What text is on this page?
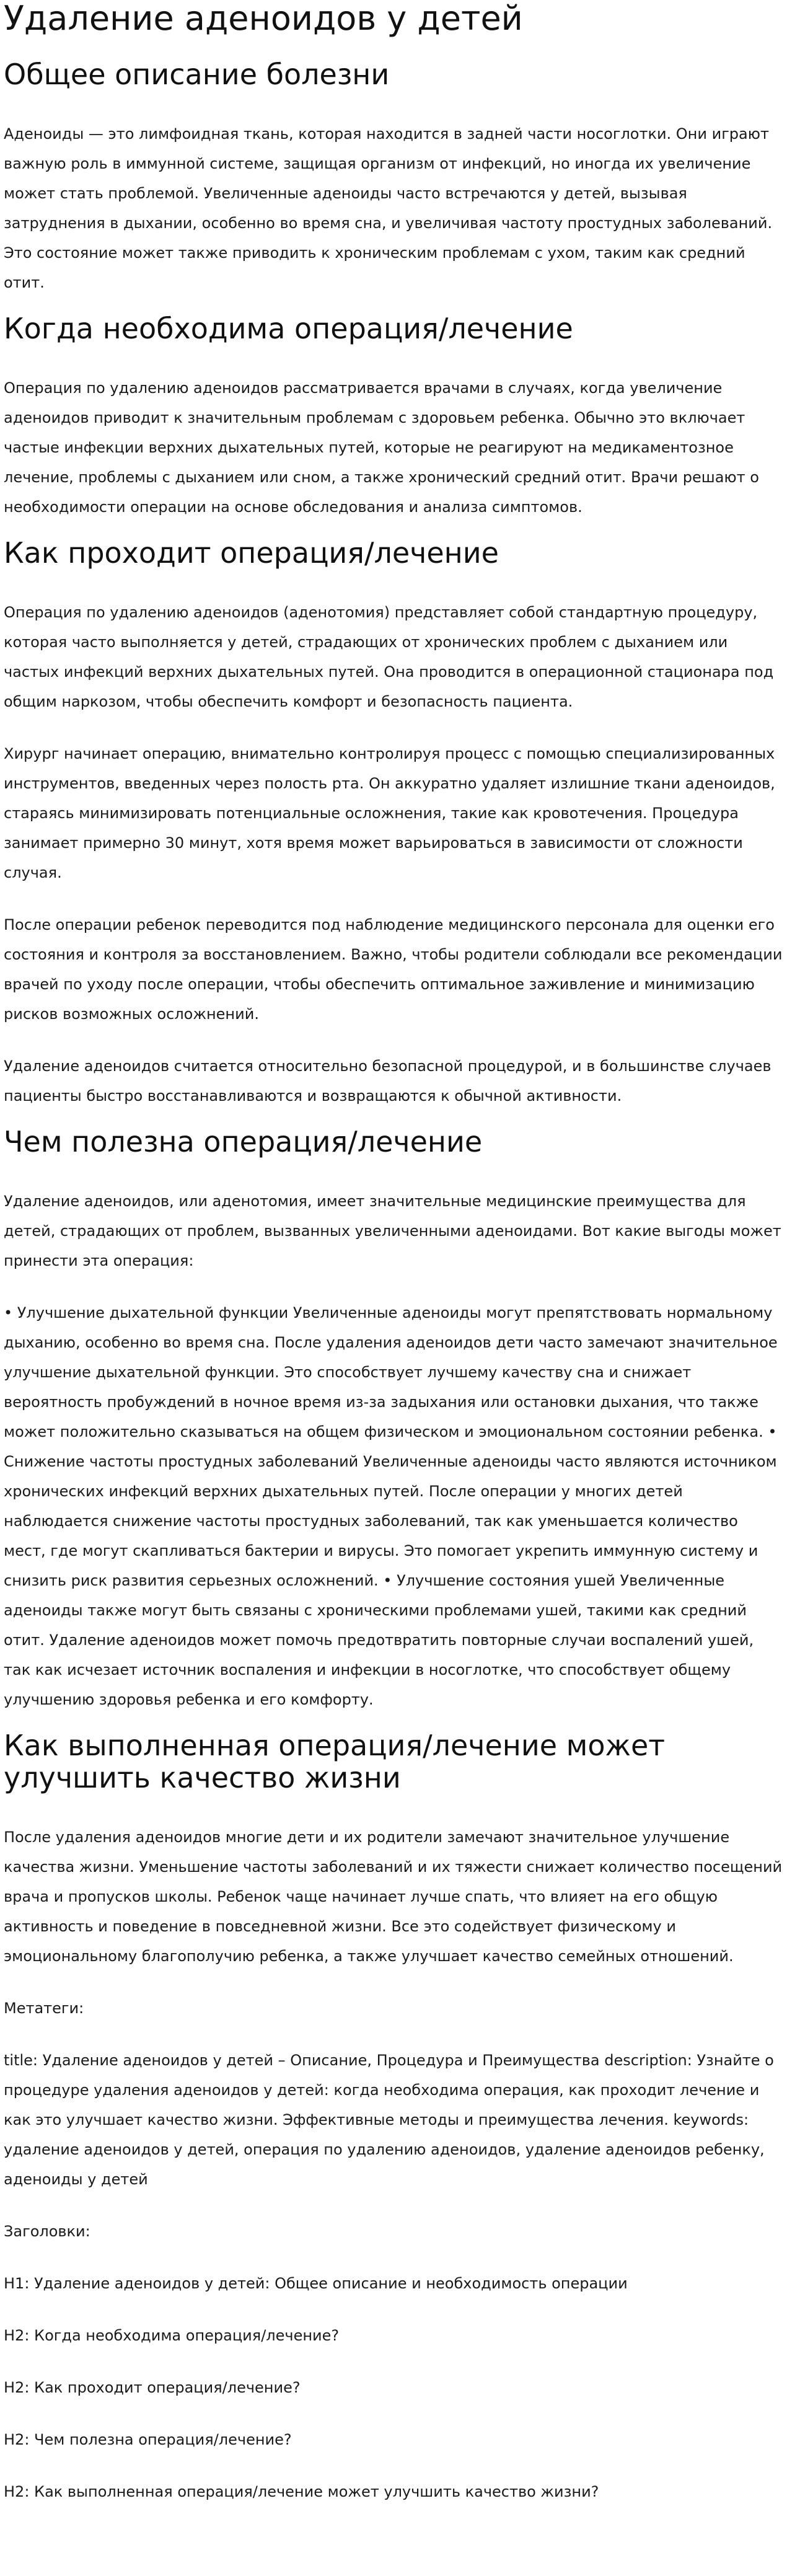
Удаление аденоидов у детей
Общее описание болезни

Аденоиды — это лимфоидная ткань, которая находится в задней части носоглотки. Они играют важную роль в иммунной системе, защищая организм от инфекций, но иногда их увеличение может стать проблемой. Увеличенные аденоиды часто встречаются у детей, вызывая затруднения в дыхании, особенно во время сна, и увеличивая частоту простудных заболеваний. Это состояние может также приводить к хроническим проблемам с ухом, таким как средний отит.

Когда необходима операция/лечение

Операция по удалению аденоидов рассматривается врачами в случаях, когда увеличение аденоидов приводит к значительным проблемам с здоровьем ребенка. Обычно это включает частые инфекции верхних дыхательных путей, которые не реагируют на медикаментозное лечение, проблемы с дыханием или сном, а также хронический средний отит. Врачи решают о необходимости операции на основе обследования и анализа симптомов.

Как проходит операция/лечение

Операция по удалению аденоидов (аденотомия) представляет собой стандартную процедуру, которая часто выполняется у детей, страдающих от хронических проблем с дыханием или частых инфекций верхних дыхательных путей. Она проводится в операционной стационара под общим наркозом, чтобы обеспечить комфорт и безопасность пациента.

Хирург начинает операцию, внимательно контролируя процесс с помощью специализированных инструментов, введенных через полость рта. Он аккуратно удаляет излишние ткани аденоидов, стараясь минимизировать потенциальные осложнения, такие как кровотечения. Процедура занимает примерно 30 минут, хотя время может варьироваться в зависимости от сложности случая.

После операции ребенок переводится под наблюдение медицинского персонала для оценки его состояния и контроля за восстановлением. Важно, чтобы родители соблюдали все рекомендации врачей по уходу после операции, чтобы обеспечить оптимальное заживление и минимизацию рисков возможных осложнений.

Удаление аденоидов считается относительно безопасной процедурой, и в большинстве случаев пациенты быстро восстанавливаются и возвращаются к обычной активности.

Чем полезна операция/лечение

Удаление аденоидов, или аденотомия, имеет значительные медицинские преимущества для детей, страдающих от проблем, вызванных увеличенными аденоидами. Вот какие выгоды может принести эта операция:

• Улучшение дыхательной функции Увеличенные аденоиды могут препятствовать нормальному дыханию, особенно во время сна. После удаления аденоидов дети часто замечают значительное улучшение дыхательной функции. Это способствует лучшему качеству сна и снижает вероятность пробуждений в ночное время из-за задыхания или остановки дыхания, что также может положительно сказываться на общем физическом и эмоциональном состоянии ребенка. • Снижение частоты простудных заболеваний Увеличенные аденоиды часто являются источником хронических инфекций верхних дыхательных путей. После операции у многих детей наблюдается снижение частоты простудных заболеваний, так как уменьшается количество мест, где могут скапливаться бактерии и вирусы. Это помогает укрепить иммунную систему и снизить риск развития серьезных осложнений. • Улучшение состояния ушей Увеличенные аденоиды также могут быть связаны с хроническими проблемами ушей, такими как средний отит. Удаление аденоидов может помочь предотвратить повторные случаи воспалений ушей, так как исчезает источник воспаления и инфекции в носоглотке, что способствует общему улучшению здоровья ребенка и его комфорту.

Как выполненная операция/лечение может улучшить качество жизни

После удаления аденоидов многие дети и их родители замечают значительное улучшение качества жизни. Уменьшение частоты заболеваний и их тяжести снижает количество посещений врача и пропусков школы. Ребенок чаще начинает лучше спать, что влияет на его общую активность и поведение в повседневной жизни. Все это содействует физическому и эмоциональному благополучию ребенка, а также улучшает качество семейных отношений.

Метатеги:

title: Удаление аденоидов у детей – Описание, Процедура и Преимущества description: Узнайте о процедуре удаления аденоидов у детей: когда необходима операция, как проходит лечение и как это улучшает качество жизни. Эффективные методы и преимущества лечения. keywords: удаление аденоидов у детей, операция по удалению аденоидов, удаление аденоидов ребенку, аденоиды у детей

Заголовки:

H1: Удаление аденоидов у детей: Общее описание и необходимость операции

H2: Когда необходима операция/лечение?

H2: Как проходит операция/лечение?

H2: Чем полезна операция/лечение?

H2: Как выполненная операция/лечение может улучшить качество жизни?
